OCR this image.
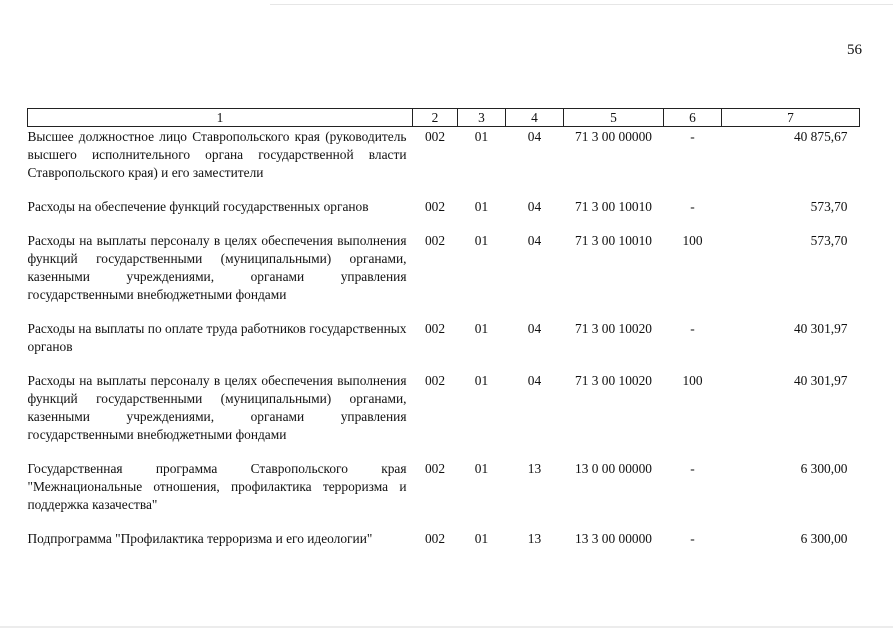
56
1	2	3	4	5	6	7
Высшее должностное лицо Ставропольского края (руководитель высшего исполнительного органа государственной власти Ставропольского края) и его заместители	002	01	04	71 3 00 00000	-	40 875,67
Расходы на обеспечение функций государственных органов	002	01	04	71 3 00 10010	-	573,70
Расходы на выплаты персоналу в целях обеспечения выполнения функций государственными (муниципальными) органами, казенными учреждениями, органами управления государственными внебюджетными фондами	002	01	04	71 3 00 10010	100	573,70
Расходы на выплаты по оплате труда работников государственных органов	002	01	04	71 3 00 10020	-	40 301,97
Расходы на выплаты персоналу в целях обеспечения выполнения функций государственными (муниципальными) органами, казенными учреждениями, органами управления государственными внебюджетными фондами	002	01	04	71 3 00 10020	100	40 301,97
Государственная программа Ставропольского края "Межнациональные отношения, профилактика терроризма и поддержка казачества"	002	01	13	13 0 00 00000	-	6 300,00
Подпрограмма "Профилактика терроризма и его идеологии"	002	01	13	13 3 00 00000	-	6 300,00
